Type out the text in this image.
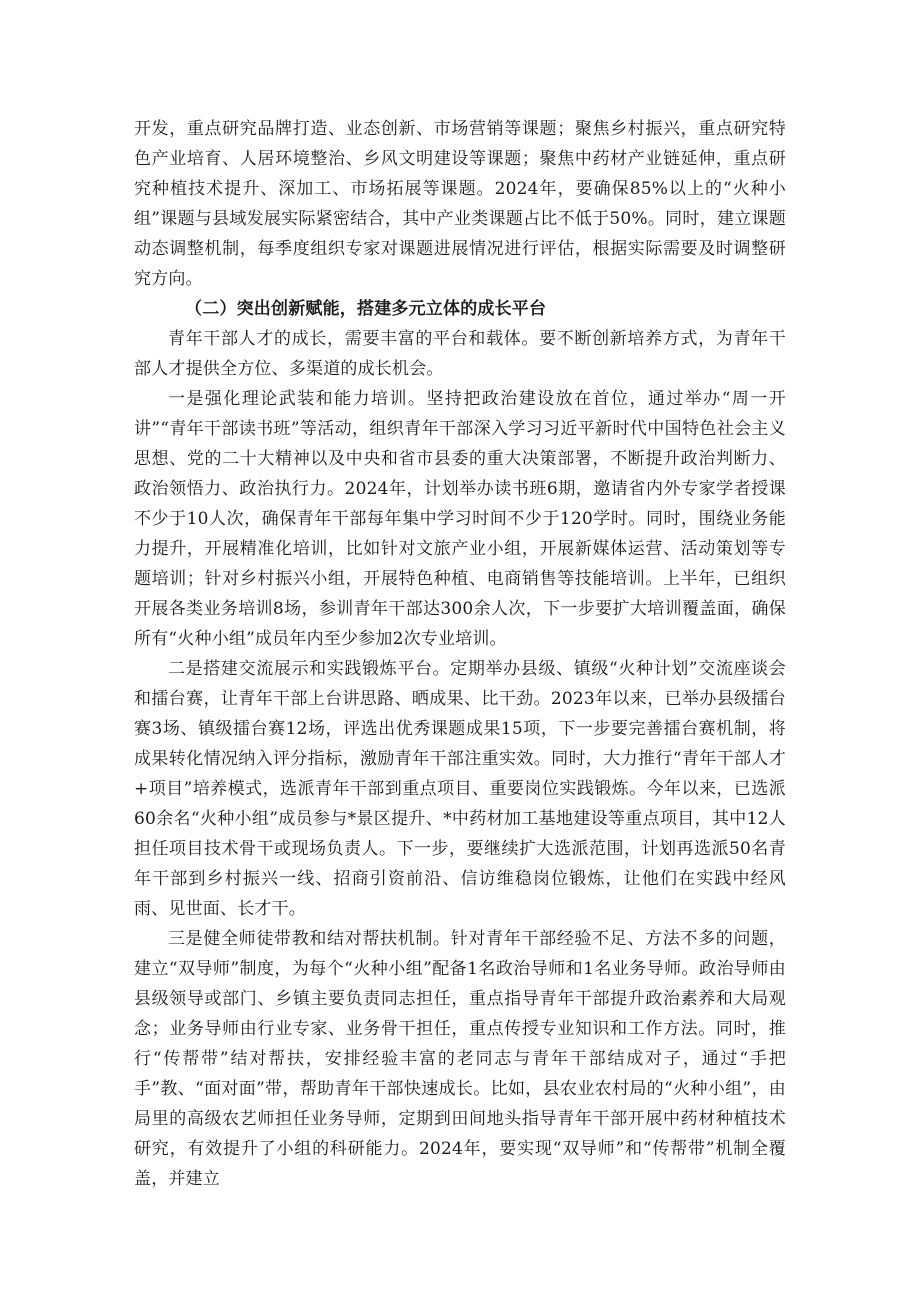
开发，重点研究品牌打造、业态创新、市场营销等课题；聚焦乡村振兴，重点研究特色产业培育、人居环境整治、乡风文明建设等课题；聚焦中药材产业链延伸，重点研究种植技术提升、深加工、市场拓展等课题。2024年，要确保85%以上的“火种小组”课题与县域发展实际紧密结合，其中产业类课题占比不低于50%。同时，建立课题动态调整机制，每季度组织专家对课题进展情况进行评估，根据实际需要及时调整研究方向。

（二）突出创新赋能，搭建多元立体的成长平台

青年干部人才的成长，需要丰富的平台和载体。要不断创新培养方式，为青年干部人才提供全方位、多渠道的成长机会。

一是强化理论武装和能力培训。坚持把政治建设放在首位，通过举办“周一开讲”“青年干部读书班”等活动，组织青年干部深入学习习近平新时代中国特色社会主义思想、党的二十大精神以及中央和省市县委的重大决策部署，不断提升政治判断力、政治领悟力、政治执行力。2024年，计划举办读书班6期，邀请省内外专家学者授课不少于10人次，确保青年干部每年集中学习时间不少于120学时。同时，围绕业务能力提升，开展精准化培训，比如针对文旅产业小组，开展新媒体运营、活动策划等专题培训；针对乡村振兴小组，开展特色种植、电商销售等技能培训。上半年，已组织开展各类业务培训8场，参训青年干部达300余人次，下一步要扩大培训覆盖面，确保所有“火种小组”成员年内至少参加2次专业培训。

二是搭建交流展示和实践锻炼平台。定期举办县级、镇级“火种计划”交流座谈会和擂台赛，让青年干部上台讲思路、晒成果、比干劲。2023年以来，已举办县级擂台赛3场、镇级擂台赛12场，评选出优秀课题成果15项，下一步要完善擂台赛机制，将成果转化情况纳入评分指标，激励青年干部注重实效。同时，大力推行“青年干部人才+项目”培养模式，选派青年干部到重点项目、重要岗位实践锻炼。今年以来，已选派60余名“火种小组”成员参与*景区提升、*中药材加工基地建设等重点项目，其中12人担任项目技术骨干或现场负责人。下一步，要继续扩大选派范围，计划再选派50名青年干部到乡村振兴一线、招商引资前沿、信访维稳岗位锻炼，让他们在实践中经风雨、见世面、长才干。

三是健全师徒带教和结对帮扶机制。针对青年干部经验不足、方法不多的问题，建立“双导师”制度，为每个“火种小组”配备1名政治导师和1名业务导师。政治导师由县级领导或部门、乡镇主要负责同志担任，重点指导青年干部提升政治素养和大局观念；业务导师由行业专家、业务骨干担任，重点传授专业知识和工作方法。同时，推行“传帮带”结对帮扶，安排经验丰富的老同志与青年干部结成对子，通过“手把手”教、“面对面”带，帮助青年干部快速成长。比如，县农业农村局的“火种小组”，由局里的高级农艺师担任业务导师，定期到田间地头指导青年干部开展中药材种植技术研究，有效提升了小组的科研能力。2024年，要实现“双导师”和“传帮带”机制全覆盖，并建立
